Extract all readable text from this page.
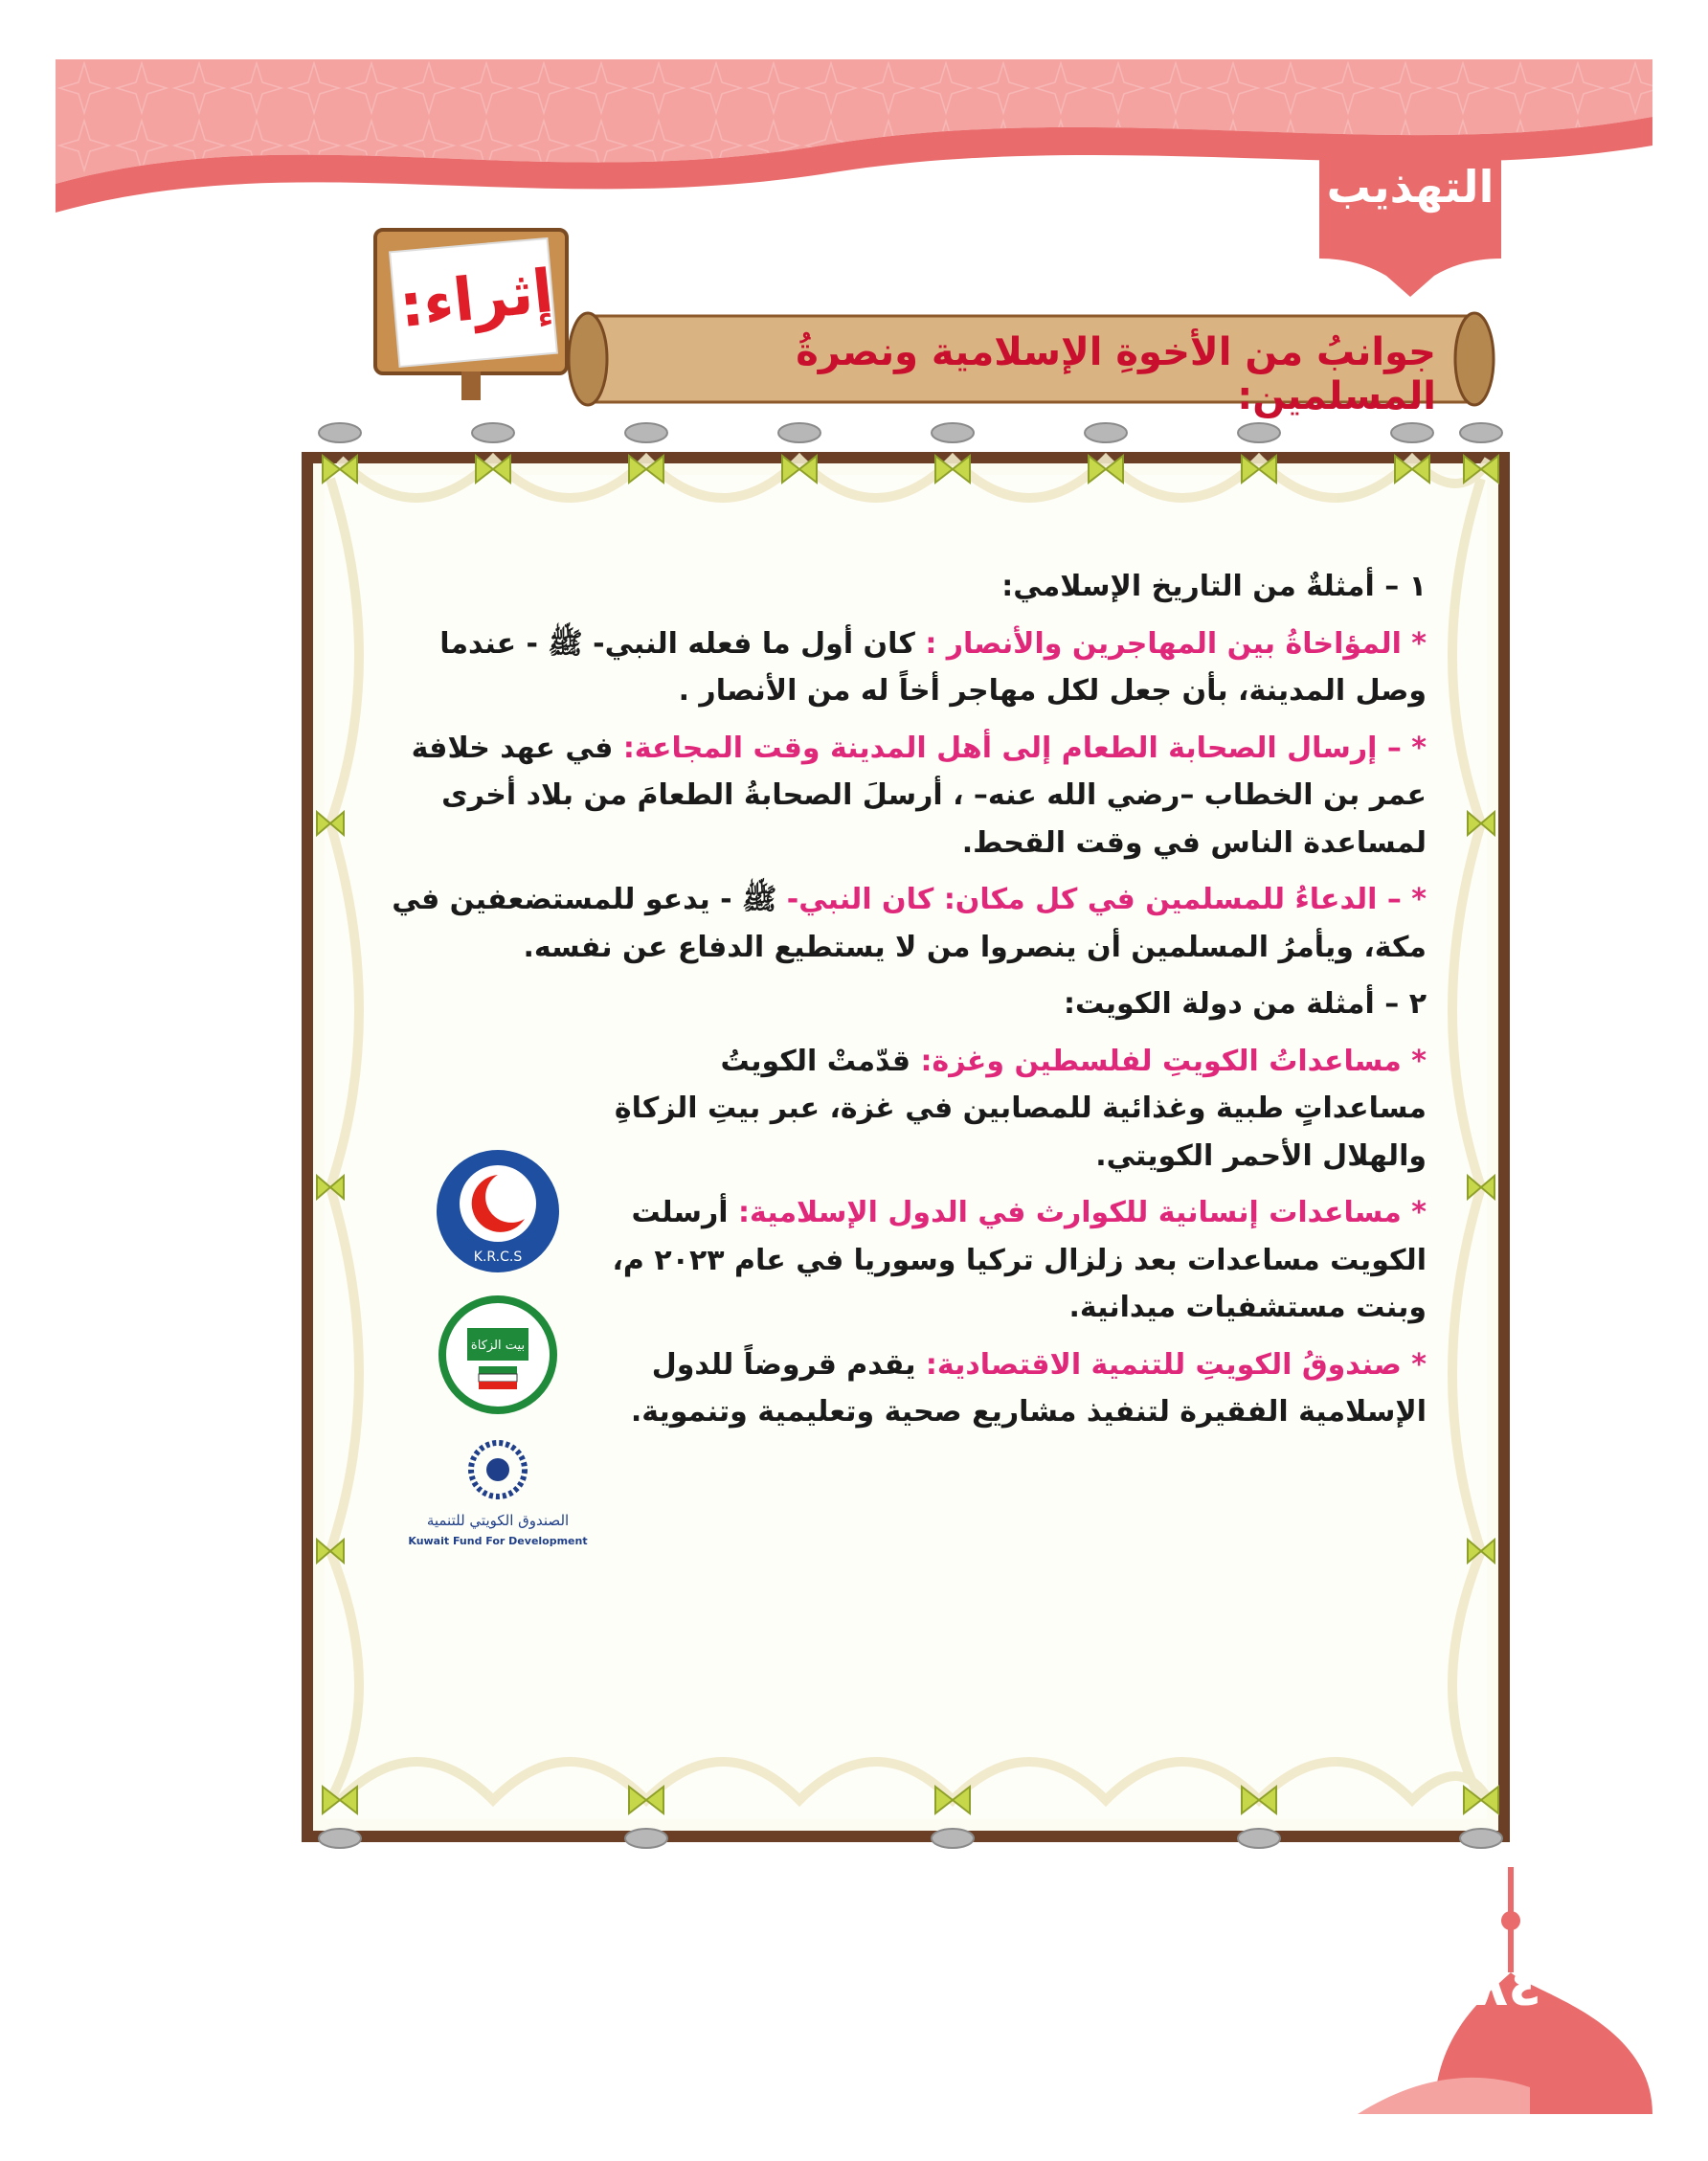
التهذيب
إثراء:
جوانبُ من الأخوةِ الإسلامية ونصرةُ المسلمين:

١ – أمثلةٌ من التاريخ الإسلامي:

* المؤاخاةُ بين المهاجرين والأنصار : كان أول ما فعله النبي- ﷺ - عندما وصل المدينة، بأن جعل لكل مهاجر أخاً له من الأنصار .

* – إرسال الصحابة الطعام إلى أهل المدينة وقت المجاعة: في عهد خلافة عمر بن الخطاب –رضي الله عنه– ، أرسلَ الصحابةُ الطعامَ من بلاد أخرى لمساعدة الناس في وقت القحط.

* – الدعاءُ للمسلمين في كل مكان: كان النبي- ﷺ - يدعو للمستضعفين في مكة، ويأمرُ المسلمين أن ينصروا من لا يستطيع الدفاع عن نفسه.

٢ – أمثلة من دولة الكويت:

* مساعداتُ الكويتِ لفلسطين وغزة: قدّمتْ الكويتُ مساعداتٍ طبية وغذائية للمصابين في غزة، عبر بيتِ الزكاةِ والهلال الأحمر الكويتي.

* مساعدات إنسانية للكوارث في الدول الإسلامية: أرسلت الكويت مساعدات بعد زلزال تركيا وسوريا في عام ٢٠٢٣ م، وبنت مستشفيات ميدانية.

* صندوقُ الكويتِ للتنمية الاقتصادية: يقدم قروضاً للدول الإسلامية الفقيرة لتنفيذ مشاريع صحية وتعليمية وتنموية.

K.R.C.S
بيت الزكاة
الصندوق الكويتي للتنمية
Kuwait Fund For Development
٨٤
